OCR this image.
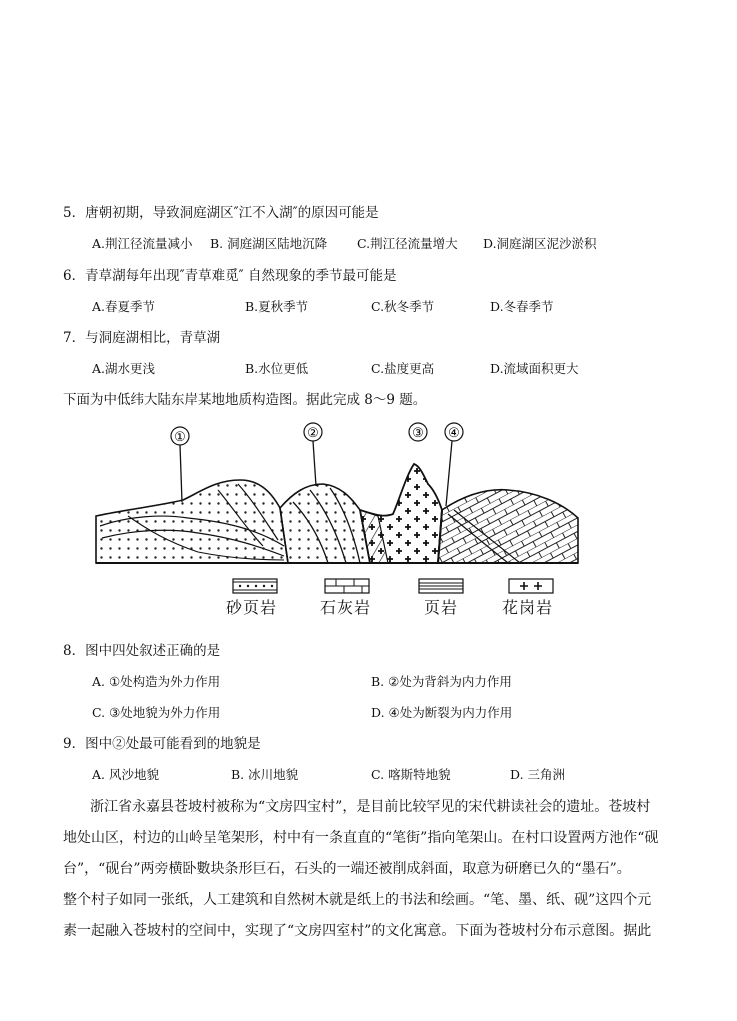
5．唐朝初期，导致洞庭湖区″江不入湖″的原因可能是
A.荆江径流量减小 B. 洞庭湖区陆地沉降 C.荆江径流量增大 D.洞庭湖区泥沙淤积
6．青草湖每年出现″青草难觅″ 自然现象的季节最可能是
A.春夏季节	B.夏秋季节	C.秋冬季节	D.冬春季节
7．与洞庭湖相比，青草湖
A.湖水更浅	B.水位更低	C.盐度更高	D.流域面积更大
下面为中低纬大陆东岸某地地质构造图。据此完成 8～9 题。
①	②	③ ④
砂页岩	石灰岩	页岩	花岗岩
8．图中四处叙述正确的是
A. ①处构造为外力作用	B. ②处为背斜为内力作用
C. ③处地貌为外力作用	D. ④处为断裂为内力作用
9．图中②处最可能看到的地貌是
A. 风沙地貌	B. 冰川地貌	C. 喀斯特地貌	D. 三角洲
浙江省永嘉县苍坡村被称为“文房四宝村”，是目前比较罕见的宋代耕读社会的遗址。苍坡村
地处山区，村边的山岭呈笔架形，村中有一条直直的“笔街”指向笔架山。在村口设置两方池作“砚
台”，“砚台”两旁横卧數块条形巨石，石头的一端还被削成斜面，取意为研磨已久的“墨石”。
整个村子如同一张纸，人工建筑和自然树木就是纸上的书法和绘画。“笔、墨、纸、砚”这四个元
素一起融入苍坡村的空间中，实现了“文房四室村”的文化寓意。下面为苍坡村分布示意图。据此
